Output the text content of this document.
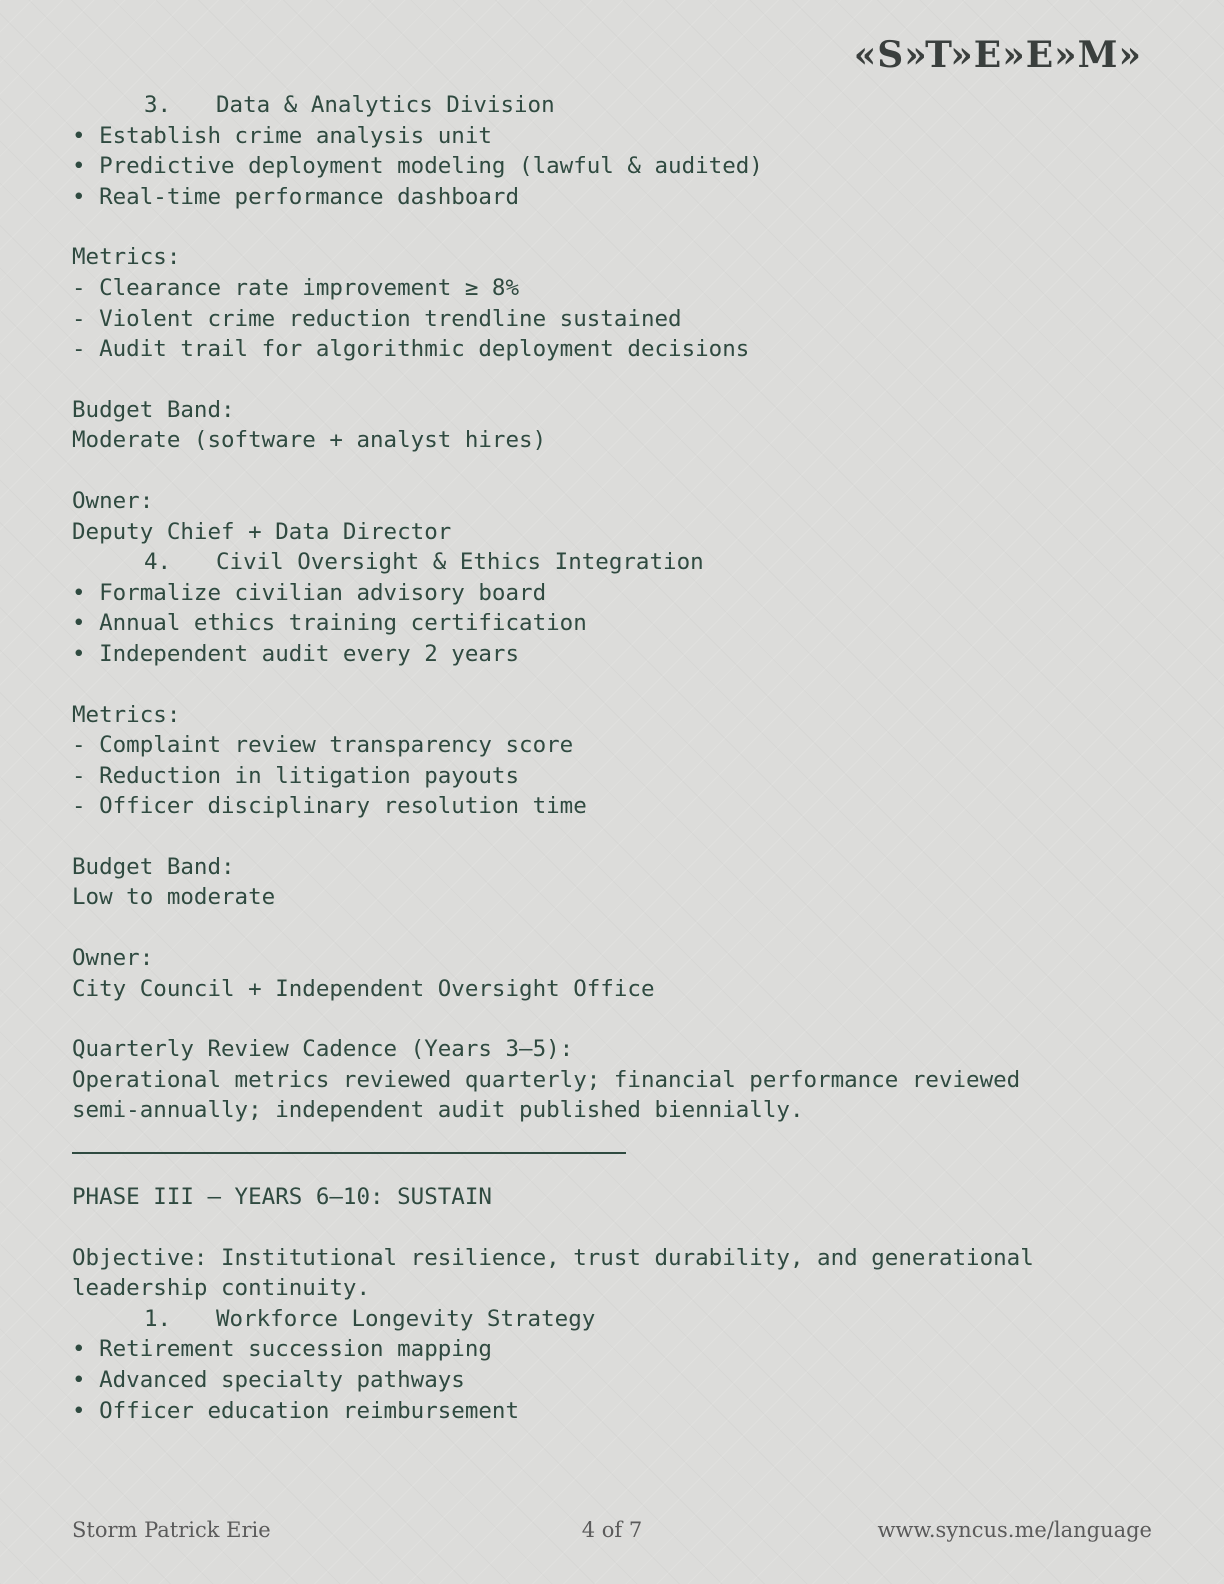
«S»T»E»E»M»
3. Data & Analytics Division
• Establish crime analysis unit
• Predictive deployment modeling (lawful & audited)
• Real-time performance dashboard
Metrics:
- Clearance rate improvement ≥ 8%
- Violent crime reduction trendline sustained
- Audit trail for algorithmic deployment decisions
Budget Band:
Moderate (software + analyst hires)
Owner:
Deputy Chief + Data Director
4. Civil Oversight & Ethics Integration
• Formalize civilian advisory board
• Annual ethics training certification
• Independent audit every 2 years
Metrics:
- Complaint review transparency score
- Reduction in litigation payouts
- Officer disciplinary resolution time
Budget Band:
Low to moderate
Owner:
City Council + Independent Oversight Office
Quarterly Review Cadence (Years 3–5):
Operational metrics reviewed quarterly; financial performance reviewed
semi-annually; independent audit published biennially.
PHASE III — YEARS 6–10: SUSTAIN
Objective: Institutional resilience, trust durability, and generational
leadership continuity.
1. Workforce Longevity Strategy
• Retirement succession mapping
• Advanced specialty pathways
• Officer education reimbursement
Storm Patrick Erie	4 of 7	www.syncus.me/language
